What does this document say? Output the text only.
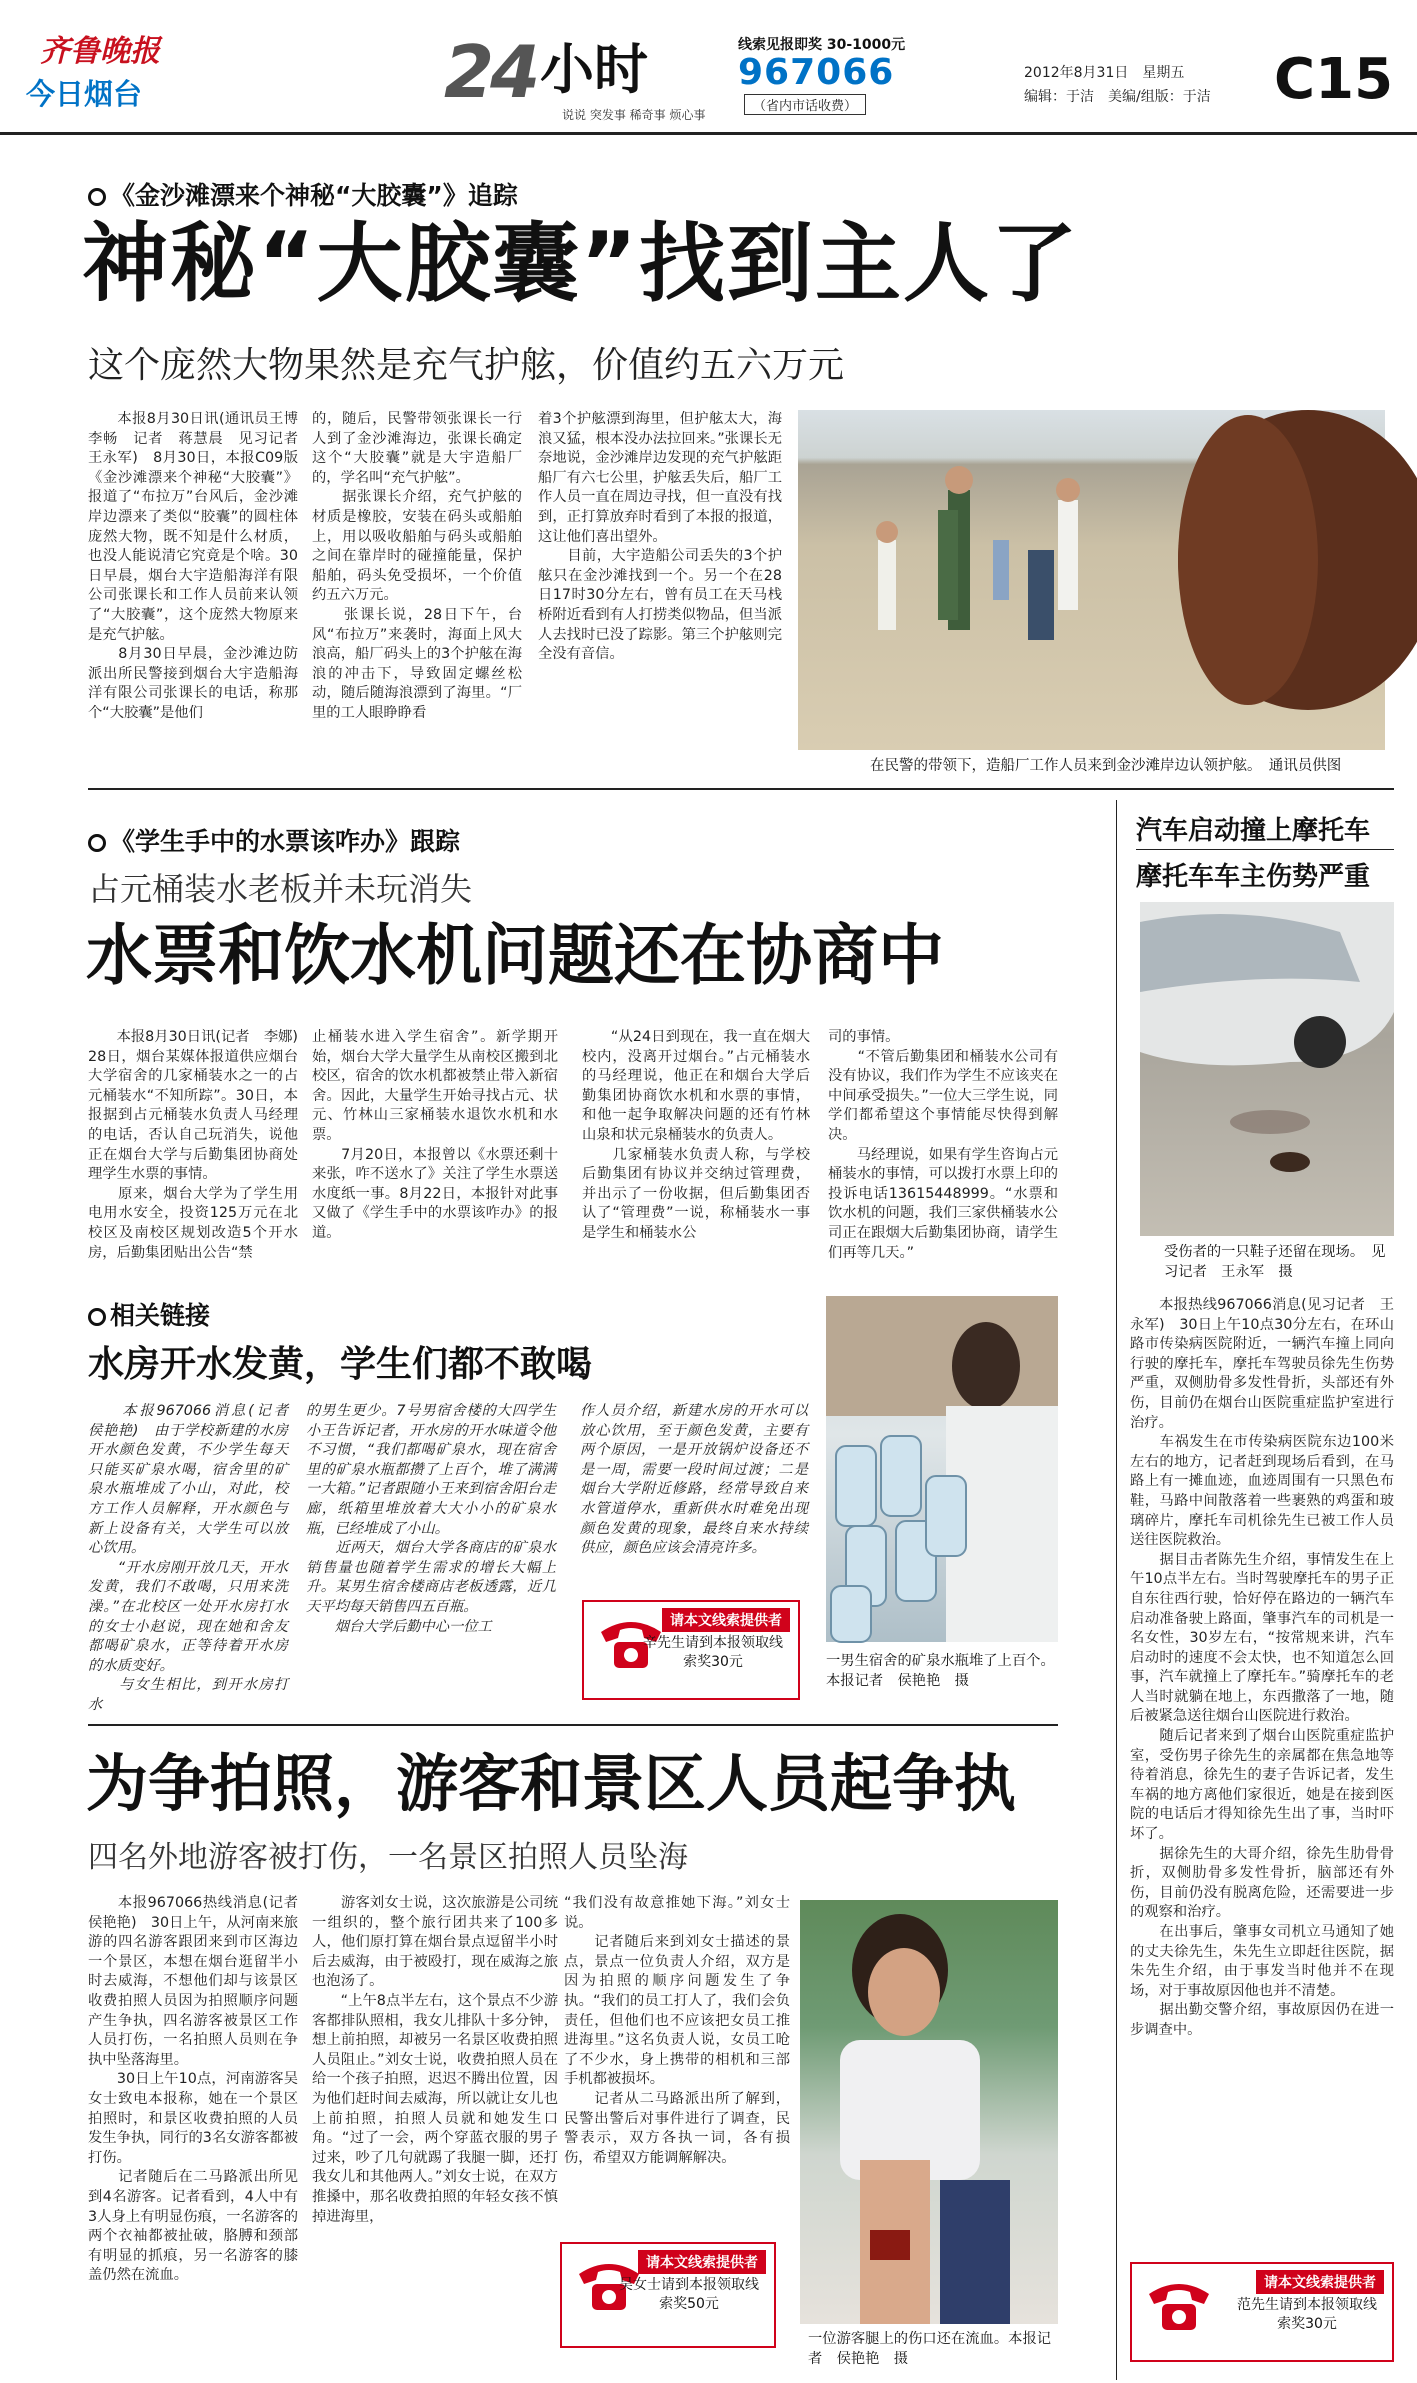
齐鲁晚报
今日烟台	24 小时
说说 突发事 稀奇事 烦心事
线索见报即奖 30-1000元
967066
（省内市话收费）
2012年8月31日　星期五
编辑：于洁　美编/组版：于洁 C15
《金沙滩漂来个神秘“大胶囊”》追踪
神秘“大胶囊”找到主人了
这个庞然大物果然是充气护舷，价值约五六万元
　　本报8月30日讯(通讯员王博　李畅　记者　蒋慧晨　见习记者　王永军)　8月30日，本报C09版《金沙滩漂来个神秘“大胶囊”》报道了“布拉万”台风后，金沙滩岸边漂来了类似“胶囊”的圆柱体庞然大物，既不知是什么材质，也没人能说清它究竟是个啥。30日早晨，烟台大宇造船海洋有限公司张课长和工作人员前来认领了“大胶囊”，这个庞然大物原来是充气护舷。
　　8月30日早晨，金沙滩边防派出所民警接到烟台大宇造船海洋有限公司张课长的电话，称那个“大胶囊”是他们
的，随后，民警带领张课长一行人到了金沙滩海边，张课长确定这个“大胶囊”就是大宇造船厂的，学名叫“充气护舷”。
　　据张课长介绍，充气护舷的材质是橡胶，安装在码头或船舶上，用以吸收船舶与码头或船舶之间在靠岸时的碰撞能量，保护船舶，码头免受损坏，一个价值约五六万元。
　　张课长说，28日下午，台风“布拉万”来袭时，海面上风大浪高，船厂码头上的3个护舷在海浪的冲击下，导致固定螺丝松动，随后随海浪漂到了海里。“厂里的工人眼睁睁看
着3个护舷漂到海里，但护舷太大，海浪又猛，根本没办法拉回来。”张课长无奈地说，金沙滩岸边发现的充气护舷距船厂有六七公里，护舷丢失后，船厂工作人员一直在周边寻找，但一直没有找到，正打算放弃时看到了本报的报道，这让他们喜出望外。
　　目前，大宇造船公司丢失的3个护舷只在金沙滩找到一个。另一个在28日17时30分左右，曾有员工在天马栈桥附近看到有人打捞类似物品，但当派人去找时已没了踪影。第三个护舷则完全没有音信。
在民警的带领下，造船厂工作人员来到金沙滩岸边认领护舷。　通讯员供图
《学生手中的水票该咋办》跟踪
占元桶装水老板并未玩消失
水票和饮水机问题还在协商中
　　本报8月30日讯(记者　李娜)　28日，烟台某媒体报道供应烟台大学宿舍的几家桶装水之一的占元桶装水“不知所踪”。30日，本报据到占元桶装水负责人马经理的电话，否认自己玩消失，说他正在烟台大学与后勤集团协商处理学生水票的事情。
　　原来，烟台大学为了学生用电用水安全，投资125万元在北校区及南校区规划改造5个开水房，后勤集团贴出公告“禁
止桶装水进入学生宿舍”。新学期开始，烟台大学大量学生从南校区搬到北校区，宿舍的饮水机都被禁止带入新宿舍。因此，大量学生开始寻找占元、状元、竹林山三家桶装水退饮水机和水票。
　　7月20日，本报曾以《水票还剩十来张，咋不送水了》关注了学生水票送水度纸一事。8月22日，本报针对此事又做了《学生手中的水票该咋办》的报道。
　　“从24日到现在，我一直在烟大校内，没离开过烟台。”占元桶装水的马经理说，他正在和烟台大学后勤集团协商饮水机和水票的事情，和他一起争取解决问题的还有竹林山泉和状元泉桶装水的负责人。
　　几家桶装水负责人称，与学校后勤集团有协议并交纳过管理费，并出示了一份收据，但后勤集团否认了“管理费”一说，称桶装水一事是学生和桶装水公
司的事情。
　　“不管后勤集团和桶装水公司有没有协议，我们作为学生不应该夹在中间承受损失。”一位大三学生说，同学们都希望这个事情能尽快得到解决。
　　马经理说，如果有学生咨询占元桶装水的事情，可以拨打水票上印的投诉电话13615448999。“水票和饮水机的问题，我们三家供桶装水公司正在跟烟大后勤集团协商，请学生们再等几天。”
相关链接
水房开水发黄，学生们都不敢喝
　　本报967066消息(记者　侯艳艳)　由于学校新建的水房开水颜色发黄，不少学生每天只能买矿泉水喝，宿舍里的矿泉水瓶堆成了小山，对此，校方工作人员解释，开水颜色与新上设备有关，大学生可以放心饮用。
　　“开水房刚开放几天，开水发黄，我们不敢喝，只用来洗澡。”在北校区一处开水房打水的女士小赵说，现在她和舍友都喝矿泉水，正等待着开水房的水质变好。
　　与女生相比，到开水房打水
的男生更少。7号男宿舍楼的大四学生小王告诉记者，开水房的开水味道令他不习惯，“我们都喝矿泉水，现在宿舍里的矿泉水瓶都攒了上百个，堆了满满一大箱。”记者跟随小王来到宿舍阳台走廊，纸箱里堆放着大大小小的矿泉水瓶，已经堆成了小山。
　　近两天，烟台大学各商店的矿泉水销售量也随着学生需求的增长大幅上升。某男生宿舍楼商店老板透露，近几天平均每天销售四五百瓶。
　　烟台大学后勤中心一位工
作人员介绍，新建水房的开水可以放心饮用，至于颜色发黄，主要有两个原因，一是开放锅炉设备还不是一周，需要一段时间过渡；二是烟台大学附近修路，经常导致自来水管道停水，重新供水时难免出现颜色发黄的现象，最终自来水持续供应，颜色应该会清亮许多。
请本文线索提供者
辛先生请到本报领取线索奖30元	一男生宿舍的矿泉水瓶堆了上百个。本报记者　侯艳艳　摄
为争拍照，游客和景区人员起争执
四名外地游客被打伤，一名景区拍照人员坠海
　　本报967066热线消息(记者　侯艳艳)　30日上午，从河南来旅游的四名游客跟团来到市区海边一个景区，本想在烟台逛留半小时去威海，不想他们却与该景区收费拍照人员因为拍照顺序问题产生争执，四名游客被景区工作人员打伤，一名拍照人员则在争执中坠落海里。
　　30日上午10点，河南游客吴女士致电本报称，她在一个景区拍照时，和景区收费拍照的人员发生争执，同行的3名女游客都被打伤。
　　记者随后在二马路派出所见到4名游客。记者看到，4人中有3人身上有明显伤痕，一名游客的两个衣袖都被扯破，胳膊和颈部有明显的抓痕，另一名游客的膝盖仍然在流血。
　　游客刘女士说，这次旅游是公司统一组织的，整个旅行团共来了100多人，他们原打算在烟台景点逗留半小时后去威海，由于被殴打，现在威海之旅也泡汤了。
　　“上午8点半左右，这个景点不少游客都排队照相，我女儿排队十多分钟，想上前拍照，却被另一名景区收费拍照人员阻止。”刘女士说，收费拍照人员在给一个孩子拍照，迟迟不腾出位置，因为他们赶时间去威海，所以就让女儿也上前拍照，拍照人员就和她发生口角。“过了一会，两个穿蓝衣服的男子过来，吵了几句就踢了我腿一脚，还打我女儿和其他两人。”刘女士说，在双方推搡中，那名收费拍照的年轻女孩不慎掉进海里，
“我们没有故意推她下海。”刘女士说。
　　记者随后来到刘女士描述的景点，景点一位负责人介绍，双方是因为拍照的顺序问题发生了争执。“我们的员工打人了，我们会负责任，但他们也不应该把女员工推进海里。”这名负责人说，女员工呛了不少水，身上携带的相机和三部手机都被损坏。
　　记者从二马路派出所了解到，民警出警后对事件进行了调查，民警表示，双方各执一词，各有损伤，希望双方能调解解决。
请本文线索提供者
吴女士请到本报领取线索奖50元
一位游客腿上的伤口还在流血。本报记者　侯艳艳　摄
汽车启动撞上摩托车
摩托车车主伤势严重
受伤者的一只鞋子还留在现场。　见习记者　王永军　摄
　　本报热线967066消息(见习记者　王永军)　30日上午10点30分左右，在环山路市传染病医院附近，一辆汽车撞上同向行驶的摩托车，摩托车驾驶员徐先生伤势严重，双侧肋骨多发性骨折，头部还有外伤，目前仍在烟台山医院重症监护室进行治疗。
　　车祸发生在市传染病医院东边100米左右的地方，记者赶到现场后看到，在马路上有一摊血迹，血迹周围有一只黑色布鞋，马路中间散落着一些裹熟的鸡蛋和玻璃碎片，摩托车司机徐先生已被工作人员送往医院救治。
　　据目击者陈先生介绍，事情发生在上午10点半左右。当时驾驶摩托车的男子正自东往西行驶，恰好停在路边的一辆汽车启动准备驶上路面，肇事汽车的司机是一名女性，30岁左右，“按常规来讲，汽车启动时的速度不会太快，也不知道怎么回事，汽车就撞上了摩托车。”骑摩托车的老人当时就躺在地上，东西撒落了一地，随后被紧急送往烟台山医院进行救治。
　　随后记者来到了烟台山医院重症监护室，受伤男子徐先生的亲属都在焦急地等待着消息，徐先生的妻子告诉记者，发生车祸的地方离他们家很近，她是在接到医院的电话后才得知徐先生出了事，当时吓坏了。
　　据徐先生的大哥介绍，徐先生肋骨骨折，双侧肋骨多发性骨折，脑部还有外伤，目前仍没有脱离危险，还需要进一步的观察和治疗。
　　在出事后，肇事女司机立马通知了她的丈夫徐先生，朱先生立即赶往医院，据朱先生介绍，由于事发当时他并不在现场，对于事故原因他也并不清楚。
　　据出勤交警介绍，事故原因仍在进一步调查中。
请本文线索提供者
范先生请到本报领取线索奖30元
